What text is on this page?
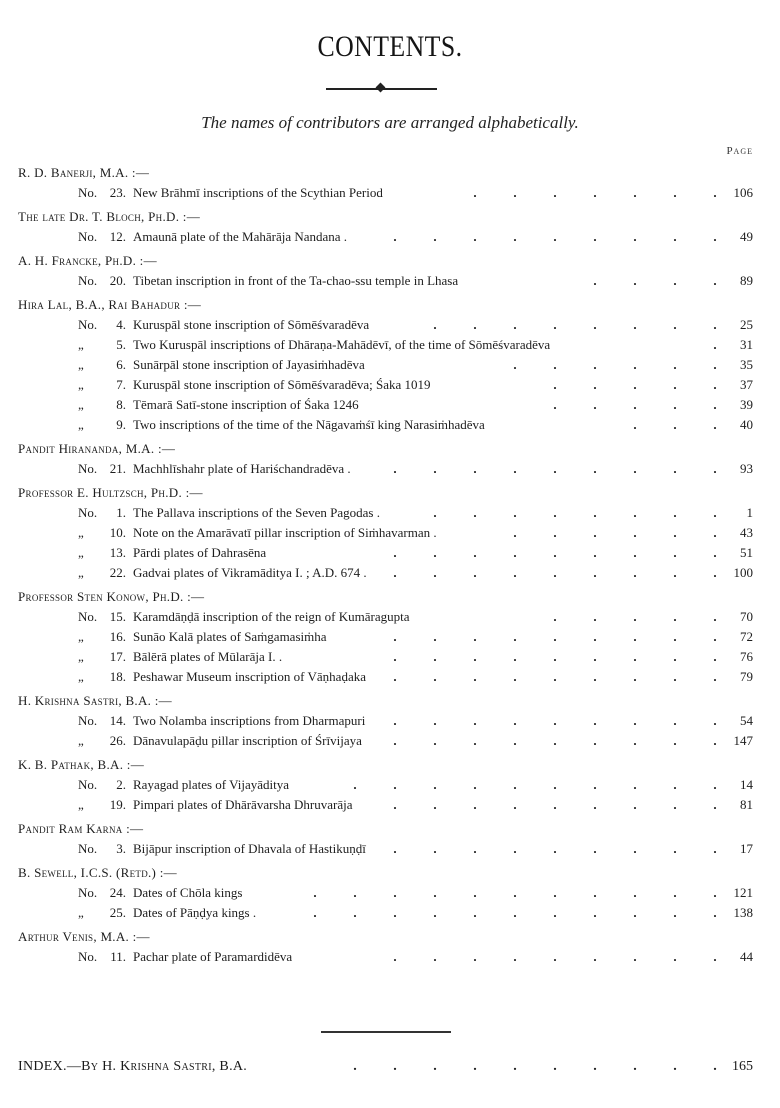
CONTENTS.
The names of contributors are arranged alphabetically.
Page
R. D. Banerji, M.A. :—
No. 23. New Brāhmī inscriptions of the Scythian Period	.	.	.	.	.	.	.	106
The late Dr. T. Bloch, Ph.D. :—
No. 12. Amaunā plate of the Mahārāja Nandana .	.	.	.	.	.	.	.	.	.	49
A. H. Francke, Ph.D. :—
No. 20. Tibetan inscription in front of the Ta-chao-ssu temple in Lhasa	.	.	.	.	89
Hira Lal, B.A., Rai Bahadur :—
No.	4. Kuruspāl stone inscription of Sōmēśvaradēva	.	.	.	.	.	.	.	.	25
„	5. Two Kuruspāl inscriptions of Dhāraṇa-Mahādēvī, of the time of Sōmēśvaradēva	.	31
„	6. Sunārpāl stone inscription of Jayasiṁhadēva	.	.	.	.	.	.	35
„	7. Kuruspāl stone inscription of Sōmēśvaradēva; Śaka 1019	.	.	.	.	.	37
„	8. Tēmarā Satī-stone inscription of Śaka 1246	.	.	.	.	.	39
„	9. Two inscriptions of the time of the Nāgavaṁśī king Narasiṁhadēva	.	.	.	40
Pandit Hirananda, M.A. :—
No. 21. Machhlīshahr plate of Hariśchandradēva .	.	.	.	.	.	.	.	.	.	93
Professor E. Hultzsch, Ph.D. :—
No.	1. The Pallava inscriptions of the Seven Pagodas .	.	.	.	.	.	.	.	.	1
„	10. Note on the Amarāvatī pillar inscription of Siṁhavarman .	.	.	.	.	.	.	43
„	13. Pārdi plates of Dahrasēna	.	.	.	.	.	.	.	.	.	51
„	22. Gadvai plates of Vikramāditya I. ; A.D. 674 .	.	.	.	.	.	.	.	.	.	100
Professor Sten Konow, Ph.D. :—
No. 15. Karamdāṇḍā inscription of the reign of Kumāragupta	.	.	.	.	.	70
„	16. Sunāo Kalā plates of Saṁgamasiṁha	.	.	.	.	.	.	.	.	.	72
„	17. Bālērā plates of Mūlarāja I. .	.	.	.	.	.	.	.	.	.	76
„	18. Peshawar Museum inscription of Vāṇhaḍaka	.	.	.	.	.	.	.	.	.	79
H. Krishna Sastri, B.A. :—
No. 14. Two Nolamba inscriptions from Dharmapuri	.	.	.	.	.	.	.	.	.	54
„	26. Dānavulapāḍu pillar inscription of Śrīvijaya	.	.	.	.	.	.	.	.	.	147
K. B. Pathak, B.A. :—
No.	2. Rayagad plates of Vijayāditya	.	.	.	.	.	.	.	.	.	.	14
„	19. Pimpari plates of Dhārāvarsha Dhruvarāja	.	.	.	.	.	.	.	.	.	81
Pandit Ram Karna :—
No.	3. Bijāpur inscription of Dhavala of Hastikuṇḍī	.	.	.	.	.	.	.	.	.	17
B. Sewell, I.C.S. (Retd.) :—
No. 24. Dates of Chōla kings	.	.	.	.	.	.	.	.	.	.	.	121
„	25. Dates of Pāṇḍya kings .	.	.	.	.	.	.	.	.	.	.	.	138
Arthur Venis, M.A. :—
No.	11. Pachar plate of Paramardidēva	.	.	.	.	.	.	.	.	.	44
INDEX.—By H. Krishna Sastri, B.A.	.	.	.	.	.	.	.	.	.	.	165
